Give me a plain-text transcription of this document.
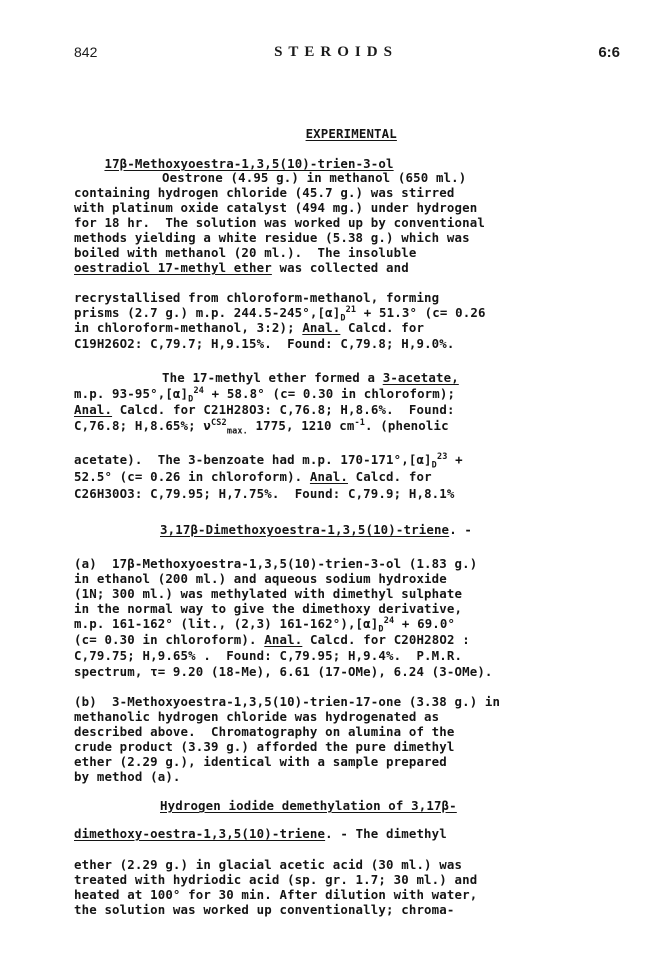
842	STEROIDS	6:6

EXPERIMENTAL

17β-Methoxyoestra-1,3,5(10)-trien-3-ol

Oestrone (4.95 g.) in methanol (650 ml.)
containing hydrogen chloride (45.7 g.) was stirred
with platinum oxide catalyst (494 mg.) under hydrogen
for 18 hr.  The solution was worked up by conventional
methods yielding a white residue (5.38 g.) which was
boiled with methanol (20 ml.).  The insoluble
oestradiol 17-methyl ether was collected and
recrystallised from chloroform-methanol, forming
prisms (2.7 g.) m.p. $244.5-245^\circ,[\alpha]_D^{21} + 51.3^\circ$ (c= 0.26
in chloroform-methanol, 3:2); Anal. Calcd. for
C19H26O2: C,79.7; H,9.15%.  Found: C,79.8; H,9.0%.
The 17-methyl ether formed a 3-acetate,
m.p. $93-95^\circ,[\alpha]_D^{24} + 58.8^\circ$ (c= 0.30 in chloroform);
Anal. Calcd. for C21H28O3: C,76.8; H,8.6%.  Found:
C,76.8; H,8.65%; $\nu^{CS2}_{max.}$ 1775, 1210 $cm^{-1}$. (phenolic
acetate).  The 3-benzoate had m.p. $170-171^\circ,[\alpha]_D^{23}$ +
52.5° (c= 0.26 in chloroform). Anal. Calcd. for
C26H30O3: C,79.95; H,7.75%.  Found: C,79.9; H,8.1%
3,17β-Dimethoxyoestra-1,3,5(10)-triene. -
(a)  17β-Methoxyoestra-1,3,5(10)-trien-3-ol (1.83 g.)
in ethanol (200 ml.) and aqueous sodium hydroxide
(1N; 300 ml.) was methylated with dimethyl sulphate
in the normal way to give the dimethoxy derivative,
m.p. 161-162° (lit., (2,3) $161-162^\circ),[\alpha]_D^{24} + 69.0^\circ$
(c= 0.30 in chloroform). Anal. Calcd. for C20H28O2 :
C,79.75; H,9.65% .  Found: C,79.95; H,9.4%.  P.M.R.
spectrum, τ= 9.20 (18-Me), 6.61 (17-OMe), 6.24 (3-OMe).
(b)  3-Methoxyoestra-1,3,5(10)-trien-17-one (3.38 g.) in
methanolic hydrogen chloride was hydrogenated as
described above.  Chromatography on alumina of the
crude product (3.39 g.) afforded the pure dimethyl
ether (2.29 g.), identical with a sample prepared
by method (a).
Hydrogen iodide demethylation of 3,17β-
dimethoxy-oestra-1,3,5(10)-triene. - The dimethyl
ether (2.29 g.) in glacial acetic acid (30 ml.) was
treated with hydriodic acid (sp. gr. 1.7; 30 ml.) and
heated at 100° for 30 min. After dilution with water,
the solution was worked up conventionally; chroma-
